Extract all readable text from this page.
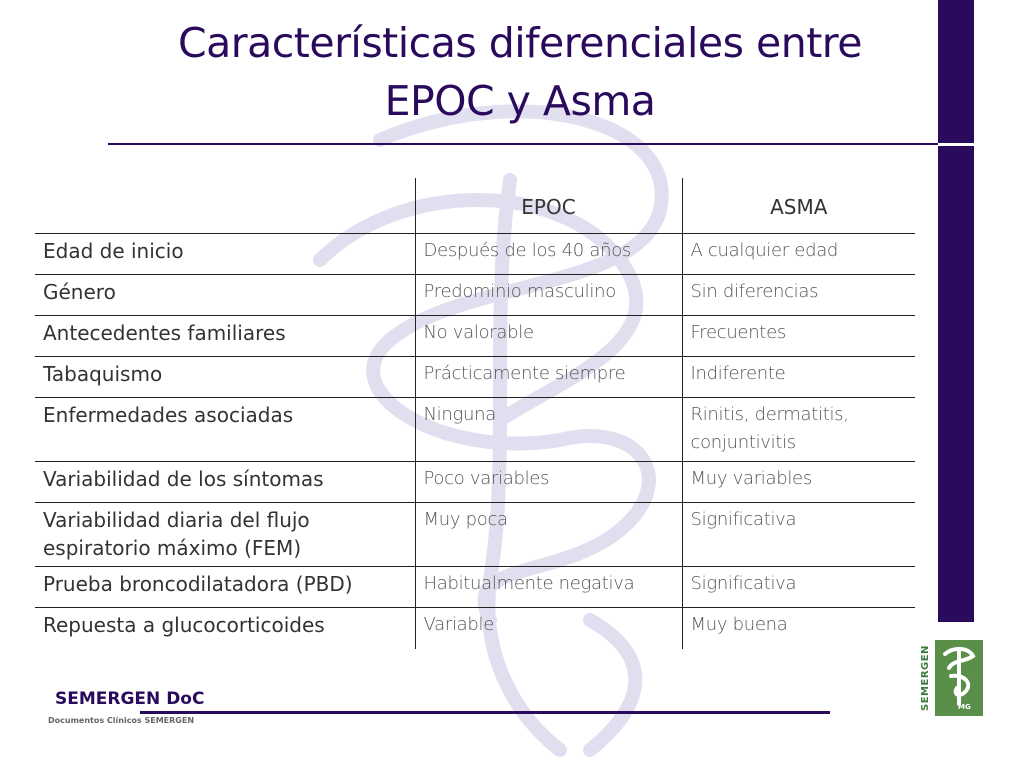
Características diferenciales entre
EPOC y Asma
	EPOC	ASMA
Edad de inicio	Después de los 40 años	A cualquier edad
Género	Predominio masculino	Sin diferencias
Antecedentes familiares	No valorable	Frecuentes
Tabaquismo	Prácticamente siempre	Indiferente
Enfermedades asociadas	Ninguna	Rinitis, dermatitis,
conjuntivitis

Variabilidad de los síntomas	Poco variables	Muy variables

Variabilidad diaria del flujo
espiratorio máximo (FEM)	Muy poca	Significativa
Prueba broncodilatadora (PBD)	Habitualmente negativa	Significativa
Repuesta a glucocorticoides	Variable	Muy buena
SEMERGEN DoC
Documentos Clínicos SEMERGEN
SEMERGEN	MG
